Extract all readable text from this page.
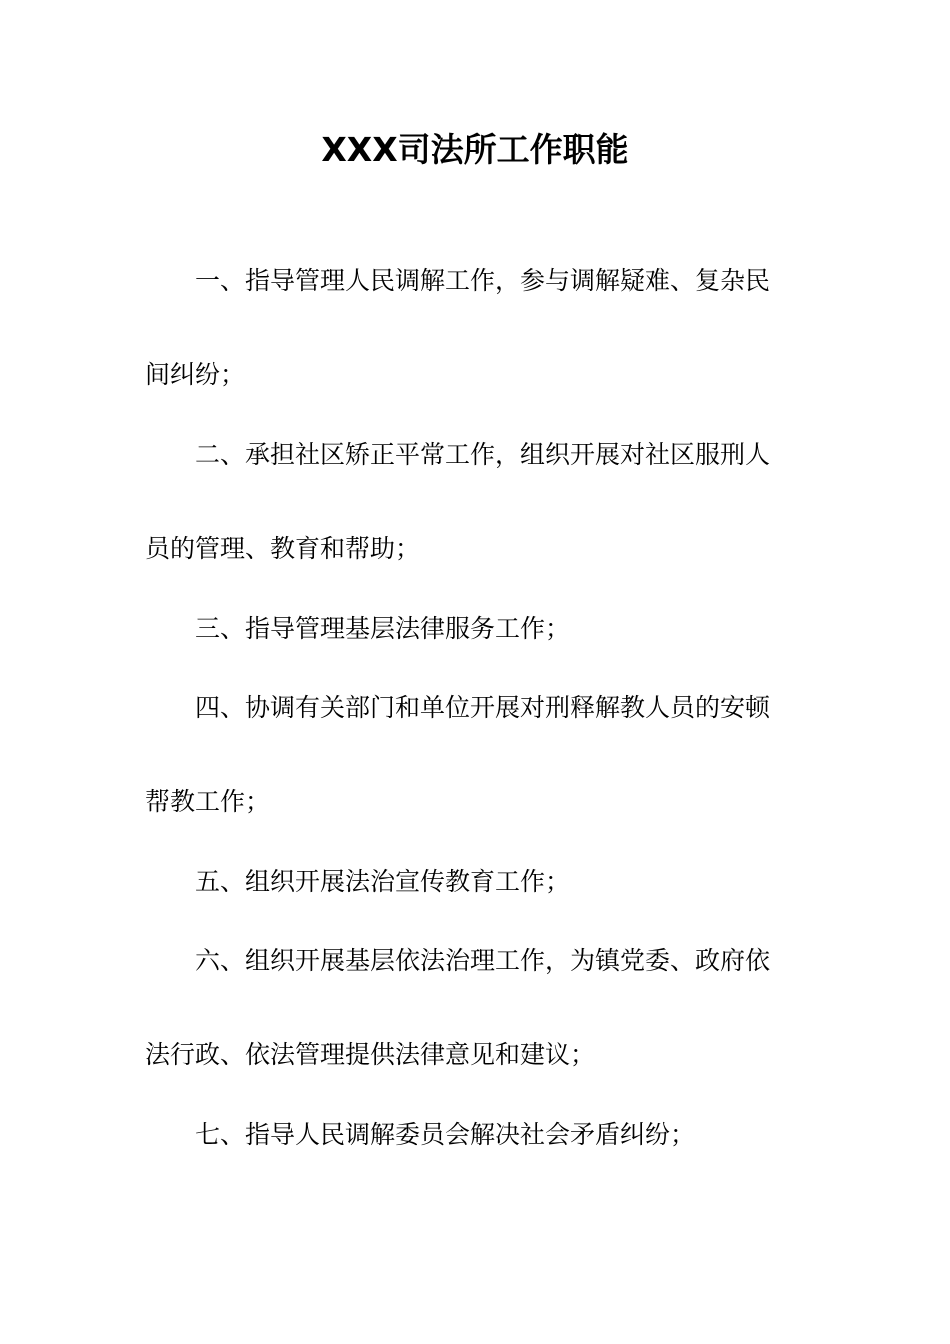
XXX司法所工作职能

一、指导管理人民调解工作，参与调解疑难、复杂民

间纠纷；

二、承担社区矫正平常工作，组织开展对社区服刑人

员的管理、教育和帮助；

三、指导管理基层法律服务工作；

四、协调有关部门和单位开展对刑释解教人员的安顿

帮教工作；

五、组织开展法治宣传教育工作；

六、组织开展基层依法治理工作，为镇党委、政府依

法行政、依法管理提供法律意见和建议；

七、指导人民调解委员会解决社会矛盾纠纷；
